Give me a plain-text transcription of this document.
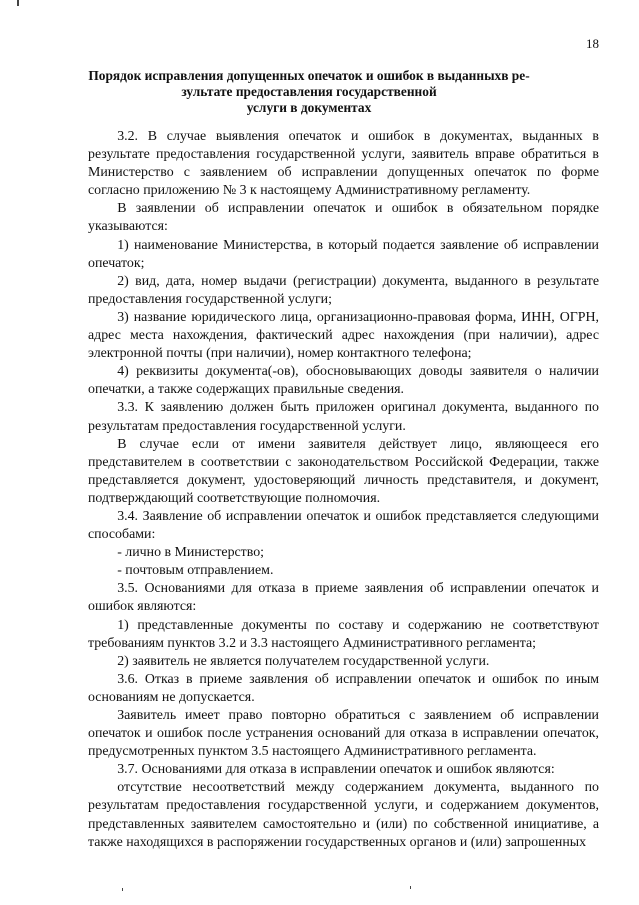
18
Порядок исправления допущенных опечаток и ошибок в выданныхв ре-
зультате предоставления государственной
услуги в документах

3.2. В случае выявления опечаток и ошибок в документах, выданных в результате предоставления государственной услуги, заявитель вправе обратиться в Министерство с заявлением об исправлении допущенных опечаток по форме согласно приложению № 3 к настоящему Административному регламенту.

В заявлении об исправлении опечаток и ошибок в обязательном порядке указываются:

1) наименование Министерства, в который подается заявление об исправлении опечаток;

2) вид, дата, номер выдачи (регистрации) документа, выданного в результате предоставления государственной услуги;

3) название юридического лица, организационно-правовая форма, ИНН, ОГРН, адрес места нахождения, фактический адрес нахождения (при наличии), адрес электронной почты (при наличии), номер контактного телефона;

4) реквизиты документа(-ов), обосновывающих доводы заявителя о наличии опечатки, а также содержащих правильные сведения.

3.3. К заявлению должен быть приложен оригинал документа, выданного по результатам предоставления государственной услуги.

В случае если от имени заявителя действует лицо, являющееся его представителем в соответствии с законодательством Российской Федерации, также представляется документ, удостоверяющий личность представителя, и документ, подтверждающий соответствующие полномочия.

3.4. Заявление об исправлении опечаток и ошибок представляется следующими способами:

- лично в Министерство;

- почтовым отправлением.

3.5. Основаниями для отказа в приеме заявления об исправлении опечаток и ошибок являются:

1) представленные документы по составу и содержанию не соответствуют требованиям пунктов 3.2 и 3.3 настоящего Административного регламента;

2) заявитель не является получателем государственной услуги.

3.6. Отказ в приеме заявления об исправлении опечаток и ошибок по иным основаниям не допускается.

Заявитель имеет право повторно обратиться с заявлением об исправлении опечаток и ошибок после устранения оснований для отказа в исправлении опечаток, предусмотренных пунктом 3.5 настоящего Административного регламента.

3.7. Основаниями для отказа в исправлении опечаток и ошибок являются:

отсутствие несоответствий между содержанием документа, выданного по результатам предоставления государственной услуги, и содержанием документов, представленных заявителем самостоятельно и (или) по собственной инициативе, а также находящихся в распоряжении государственных органов и (или) запрошенных
